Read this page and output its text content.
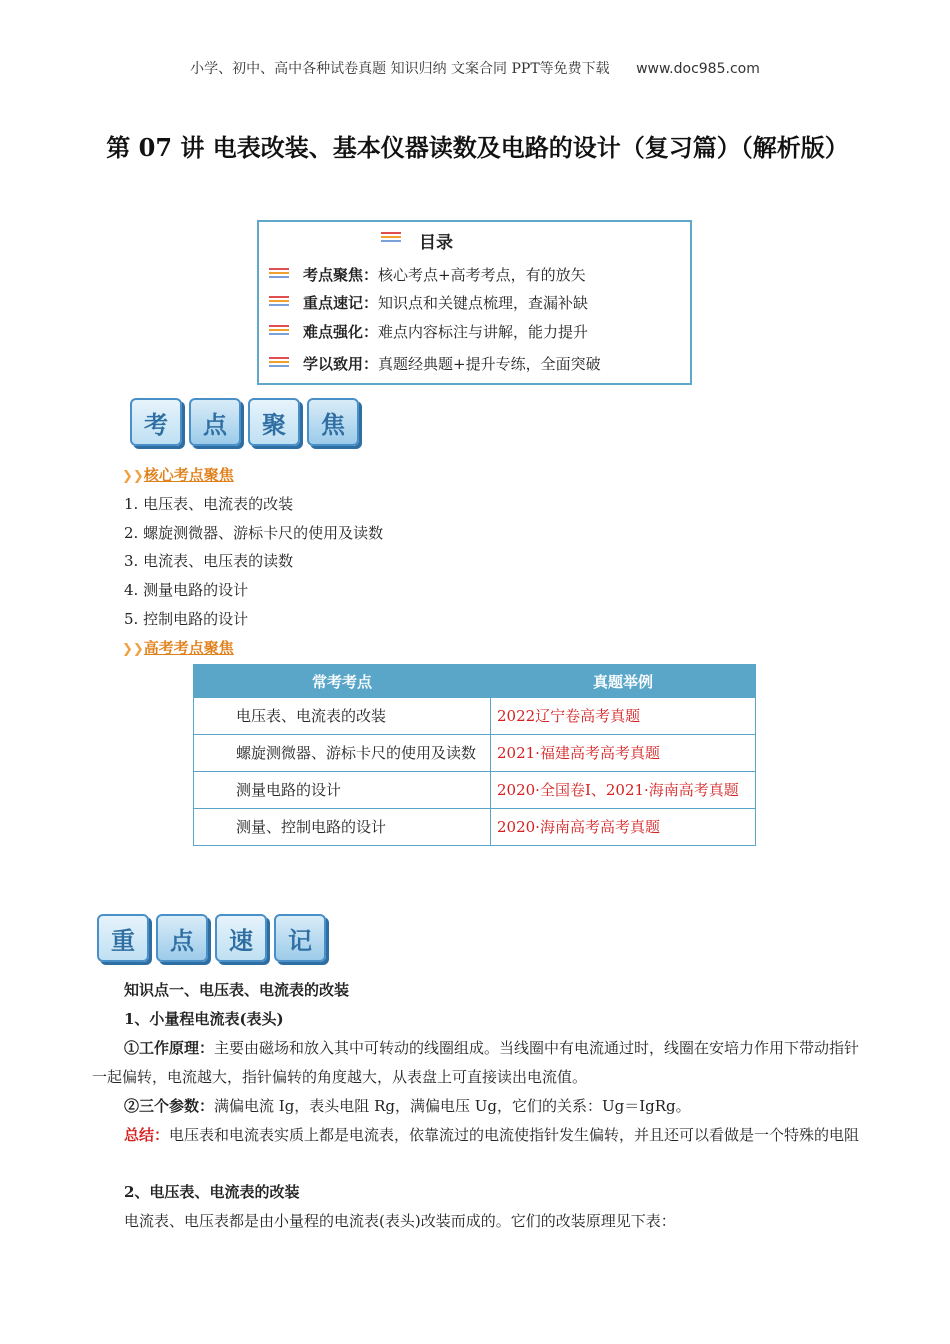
小学、初中、高中各种试卷真题 知识归纳 文案合同 PPT等免费下载 www.doc985.com
第 07 讲 电表改装、基本仪器读数及电路的设计（复习篇）（解析版）
目录
考点聚焦：核心考点+高考考点，有的放矢
重点速记：知识点和关键点梳理，查漏补缺
难点强化：难点内容标注与讲解，能力提升
学以致用：真题经典题+提升专练，全面突破
考	点	聚	焦
❯❯核心考点聚焦
1. 电压表、电流表的改装
2. 螺旋测微器、游标卡尺的使用及读数
3. 电流表、电压表的读数
4. 测量电路的设计
5. 控制电路的设计
❯❯高考考点聚焦
常考考点	真题举例
电压表、电流表的改装	2022辽宁卷高考真题
螺旋测微器、游标卡尺的使用及读数	2021·福建高考高考真题
测量电路的设计	2020·全国卷Ⅰ、2021·海南高考真题
测量、控制电路的设计	2020·海南高考高考真题
重	点	速	记
知识点一、电压表、电流表的改装
1、小量程电流表(表头)
①工作原理：主要由磁场和放入其中可转动的线圈组成。当线圈中有电流通过时，线圈在安培力作用下带动指针一起偏转，电流越大，指针偏转的角度越大，从表盘上可直接读出电流值。
②三个参数：满偏电流 Ig，表头电阻 Rg，满偏电压 Ug，它们的关系：Ug＝IgRg。
总结：电压表和电流表实质上都是电流表，依靠流过的电流使指针发生偏转，并且还可以看做是一个特殊的电阻
2、电压表、电流表的改装
电流表、电压表都是由小量程的电流表(表头)改装而成的。它们的改装原理见下表：
